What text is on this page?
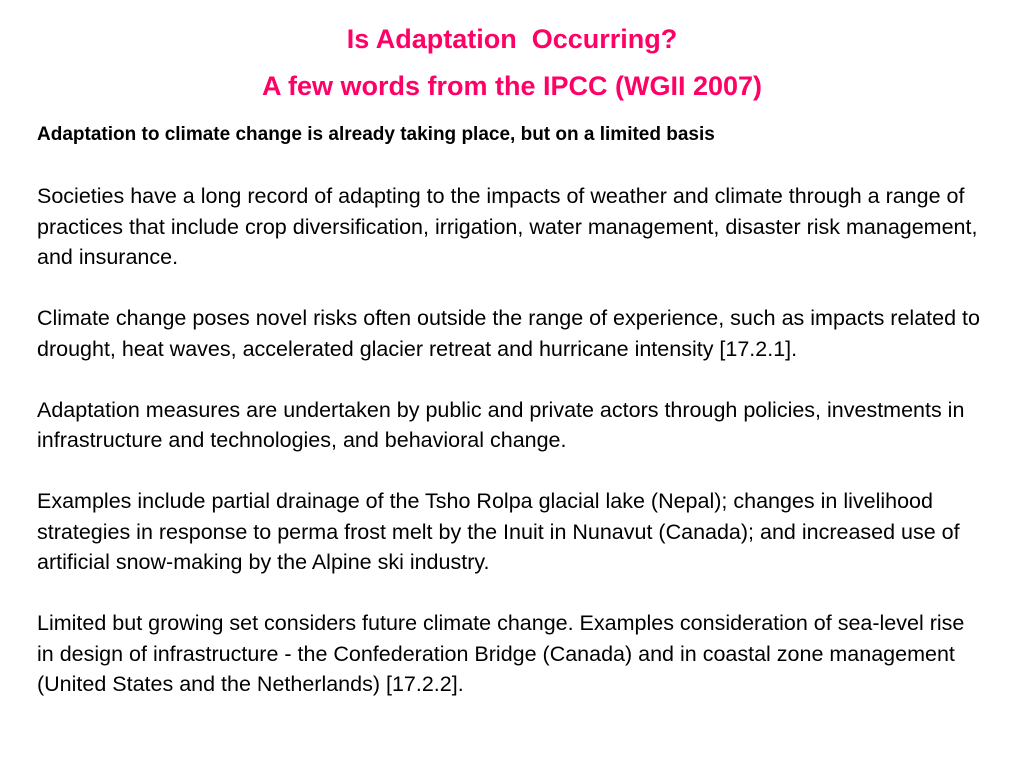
Is Adaptation  Occurring?
A few words from the IPCC (WGII 2007)

Adaptation to climate change is already taking place, but on a limited basis

Societies have a long record of adapting to the impacts of weather and climate through a range of practices that include crop diversification, irrigation, water management, disaster risk management, and insurance.

Climate change poses novel risks often outside the range of experience, such as impacts related to drought, heat waves, accelerated glacier retreat and hurricane intensity [17.2.1].

Adaptation measures are undertaken by public and private actors through policies, investments in infrastructure and technologies, and behavioral change.

Examples include partial drainage of the Tsho Rolpa glacial lake (Nepal); changes in livelihood strategies in response to perma frost melt by the Inuit in Nunavut (Canada); and increased use of artificial snow-making by the Alpine ski industry.

Limited but growing set considers future climate change. Examples consideration of sea-level rise in design of infrastructure - the Confederation Bridge (Canada) and in coastal zone management (United States and the Netherlands) [17.2.2].
